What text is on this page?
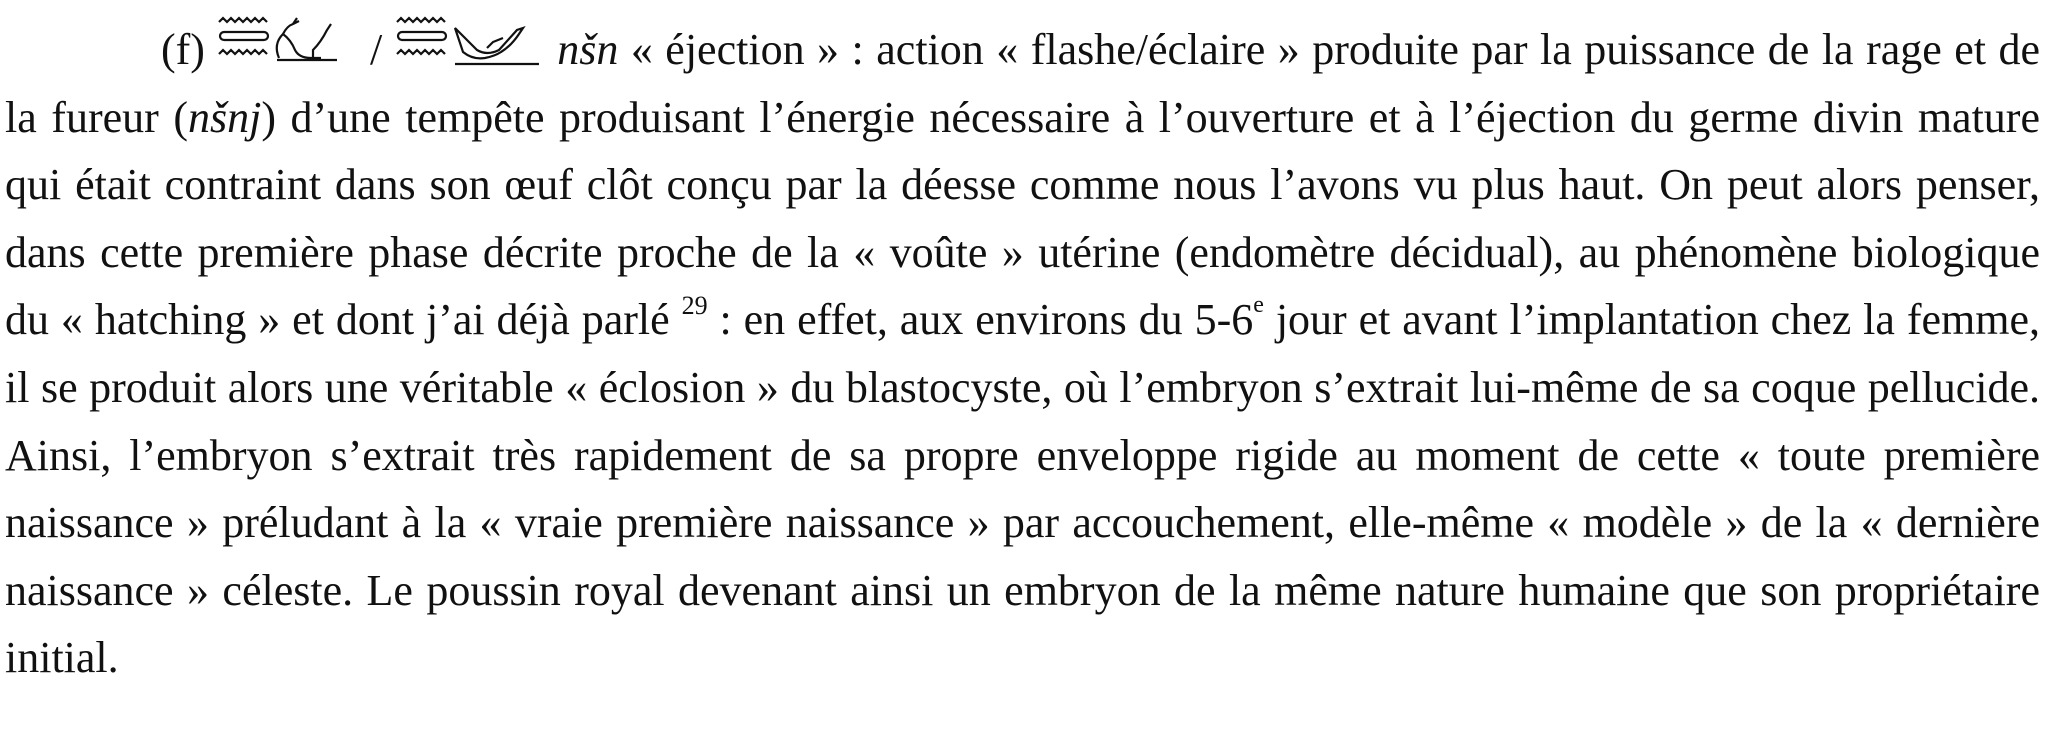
(f)	/	nšn « éjection » : action « flashe/éclaire » produite par la puissance de la rage et de la fureur (nšnj) d’une tempête produisant l’énergie nécessaire à l’ouverture et à l’éjection du germe divin mature qui était contraint dans son œuf clôt conçu par la déesse comme nous l’avons vu plus haut. On peut alors penser, dans cette première phase décrite proche de la « voûte » utérine (endomètre décidual), au phénomène biologique du « hatching » et dont j’ai déjà parlé $^{29}$ : en effet, aux environs du 5-6e jour et avant l’implantation chez la femme, il se produit alors une véritable « éclosion » du blastocyste, où l’embryon s’extrait lui-même de sa coque pellucide. Ainsi, l’embryon s’extrait très rapidement de sa propre enveloppe rigide au moment de cette « toute première naissance » préludant à la « vraie première naissance » par accouchement, elle-même « modèle » de la « dernière naissance » céleste. Le poussin royal devenant ainsi un embryon de la même nature humaine que son propriétaire initial.
